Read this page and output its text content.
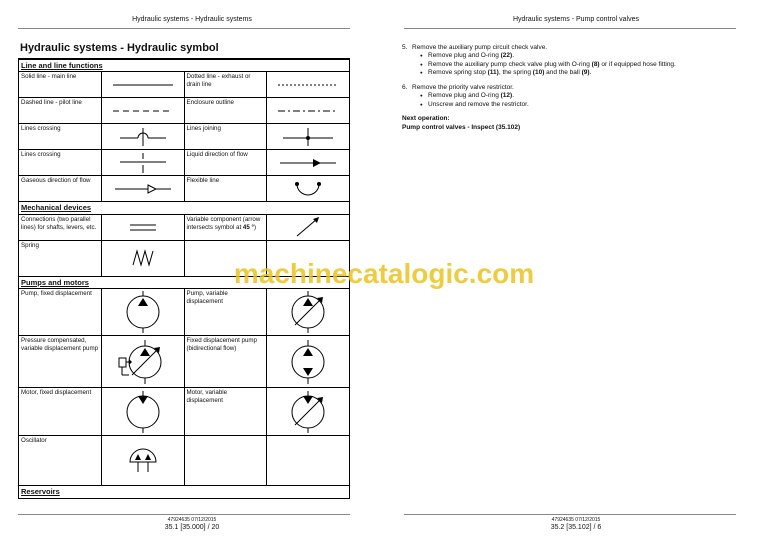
Hydraulic systems - Hydraulic systems
Hydraulic systems - Hydraulic symbol
Line and line functions			
Solid line - main line		Dotted line - exhaust or drain line	

Dashed line - pilot line		Enclosure outline	

Lines crossing		Lines joining	

Lines crossing		Liquid direction of flow	

Gaseous direction of flow		Flexible line	

Mechanical devices			
Connections (two parallel lines) for shafts, levers, etc.		Variable component (arrow intersects symbol at 45 °)	

Spring	

Pumps and motors			
Pump, fixed displacement		Pump, variable displacement	

Pressure compensated, variable displacement pump		Fixed displacement pump (bidirectional flow)	

Motor, fixed displacement		Motor, variable displacement	

Oscillator	

Reservoirs			
47924635 07/12/2015
35.1 [35.000] / 20
Hydraulic systems - Pump control valves
5. Remove the auxiliary pump circuit check valve.
● Remove plug and O-ring (22).
● Remove the auxiliary pump check valve plug with O-ring (8) or if equipped hose fitting.
● Remove spring stop (11), the spring (10) and the ball (9).
6. Remove the priority valve restrictor.
● Remove plug and O-ring (12).
● Unscrew and remove the restrictor.
Next operation:
Pump control valves - Inspect (35.102)
47924635 07/12/2015
35.2 [35.102] / 6
machinecatalogic.com
